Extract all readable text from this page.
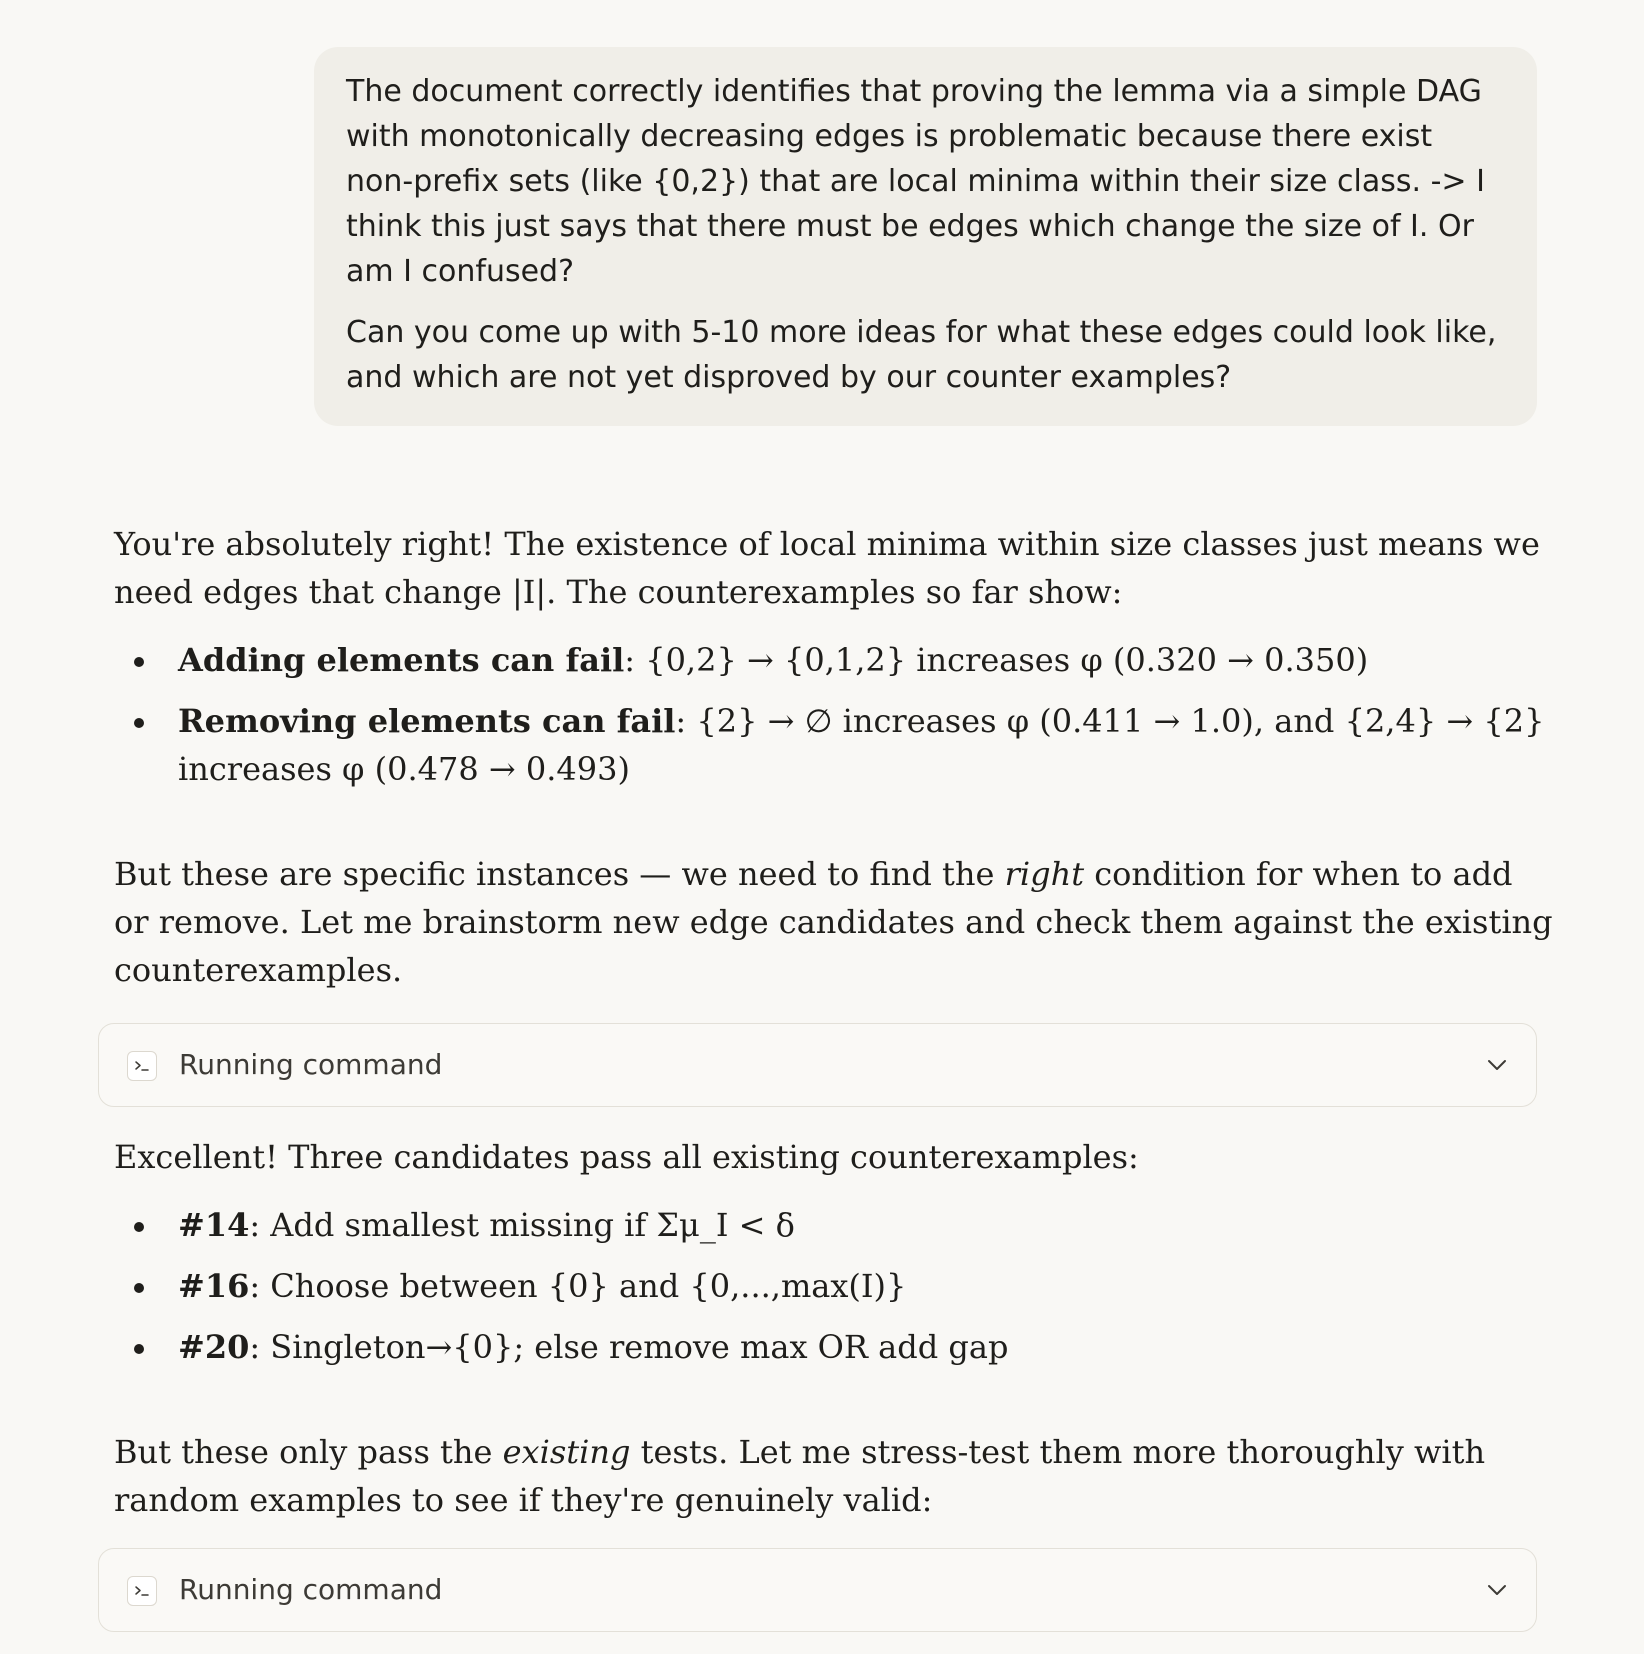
The document correctly identifies that proving the lemma via a simple DAG with monotonically decreasing edges is problematic because there exist non-prefix sets (like {0,2}) that are local minima within their size class. -> I think this just says that there must be edges which change the size of I. Or am I confused?

Can you come up with 5-10 more ideas for what these edges could look like, and which are not yet disproved by our counter examples?

You're absolutely right! The existence of local minima within size classes just means we need edges that change |I|. The counterexamples so far show:

Adding elements can fail: {0,2} → {0,1,2} increases φ (0.320 → 0.350)
Removing elements can fail: {2} → ∅ increases φ (0.411 → 1.0), and {2,4} → {2} increases φ (0.478 → 0.493)

But these are specific instances — we need to find the right condition for when to add or remove. Let me brainstorm new edge candidates and check them against the existing counterexamples.

Running command

Excellent! Three candidates pass all existing counterexamples:

#14: Add smallest missing if Σμ_I < δ
#16: Choose between {0} and {0,...,max(I)}
#20: Singleton→{0}; else remove max OR add gap

But these only pass the existing tests. Let me stress-test them more thoroughly with random examples to see if they're genuinely valid:

Running command
